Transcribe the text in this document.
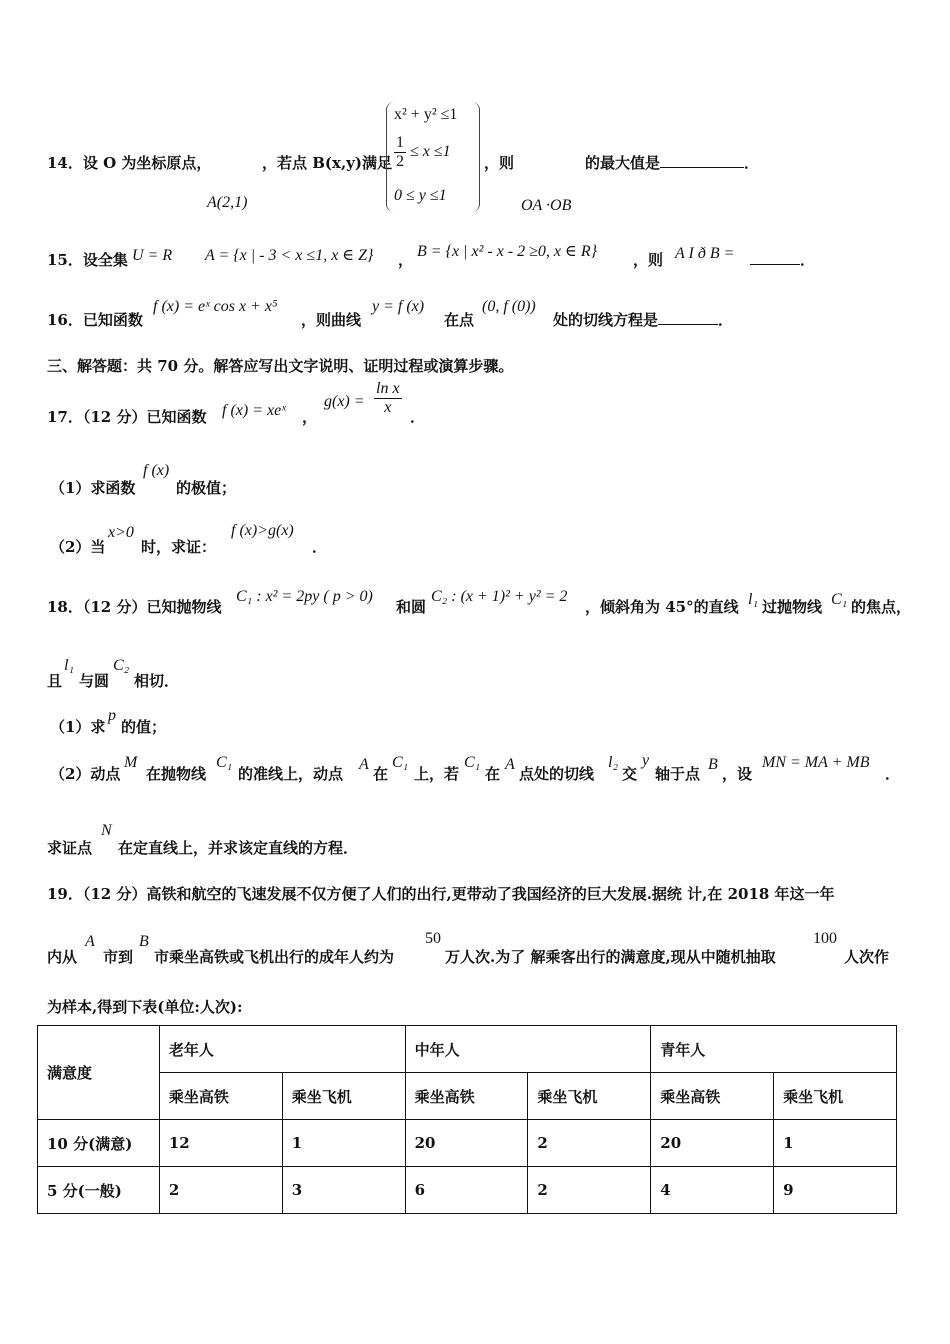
14．设 O 为坐标原点，
A(2,1)
，若点 B(x,y)满足
x² + y² ≤1
$\frac{1}{2} \le x \le 1$
0 ≤ y ≤1
，则
OA ·OB
的最大值是	．
15．设全集 U = R A = {x | - 3 < x ≤1, x ∈ Z} ， B = {x | x² - x - 2 ≥0, x ∈ R} ，则 A I ð B =	．
16．已知函数
f (x) = eˣ cos x + x⁵
，则曲线
y = f (x)
在点
(0, f (0))
处的切线方程是	．
三、解答题：共 70 分。解答应写出文字说明、证明过程或演算步骤。
17．（12 分）已知函数 f (x) = xeˣ ，
$g(x) = \frac{\text{ln x}}{x}$ ．
（1）求函数
f (x)
的极值；
（2）当
x>0
时，求证：
f (x)>g(x)
．
18．（12 分）已知抛物线
C₁ : x² = 2py ( p > 0)
和圆
C₂ : (x + 1)² + y² = 2
，倾斜角为 45°的直线 l₁ 过抛物线 C₁ 的焦点，
且
l₁
与圆
C₂
相切．
（1）求
p
的值；
（2）动点
M
在抛物线
C₁
的准线上，动点
A
在
C₁
上，若
C₁
在
A
点处的切线
l₂
交
y
轴于点
B
，设
MN = MA + MB
．
求证点
N
在定直线上，并求该定直线的方程．
19．（12 分）高铁和航空的飞速发展不仅方便了人们的出行,更带动了我国经济的巨大发展.据统 计,在 2018 年这一年
内从
A
市到
B
市乘坐高铁或飞机出行的成年人约为
50
万人次.为了 解乘客出行的满意度,现从中随机抽取
100
人次作
为样本,得到下表(单位:人次):
满意度	老年人		中年人		青年人	
	乘坐高铁	乘坐飞机	乘坐高铁	乘坐飞机	乘坐高铁	乘坐飞机
10 分(满意)	12	1	20	2	20	1
5 分(一般)	2	3	6	2	4	9
